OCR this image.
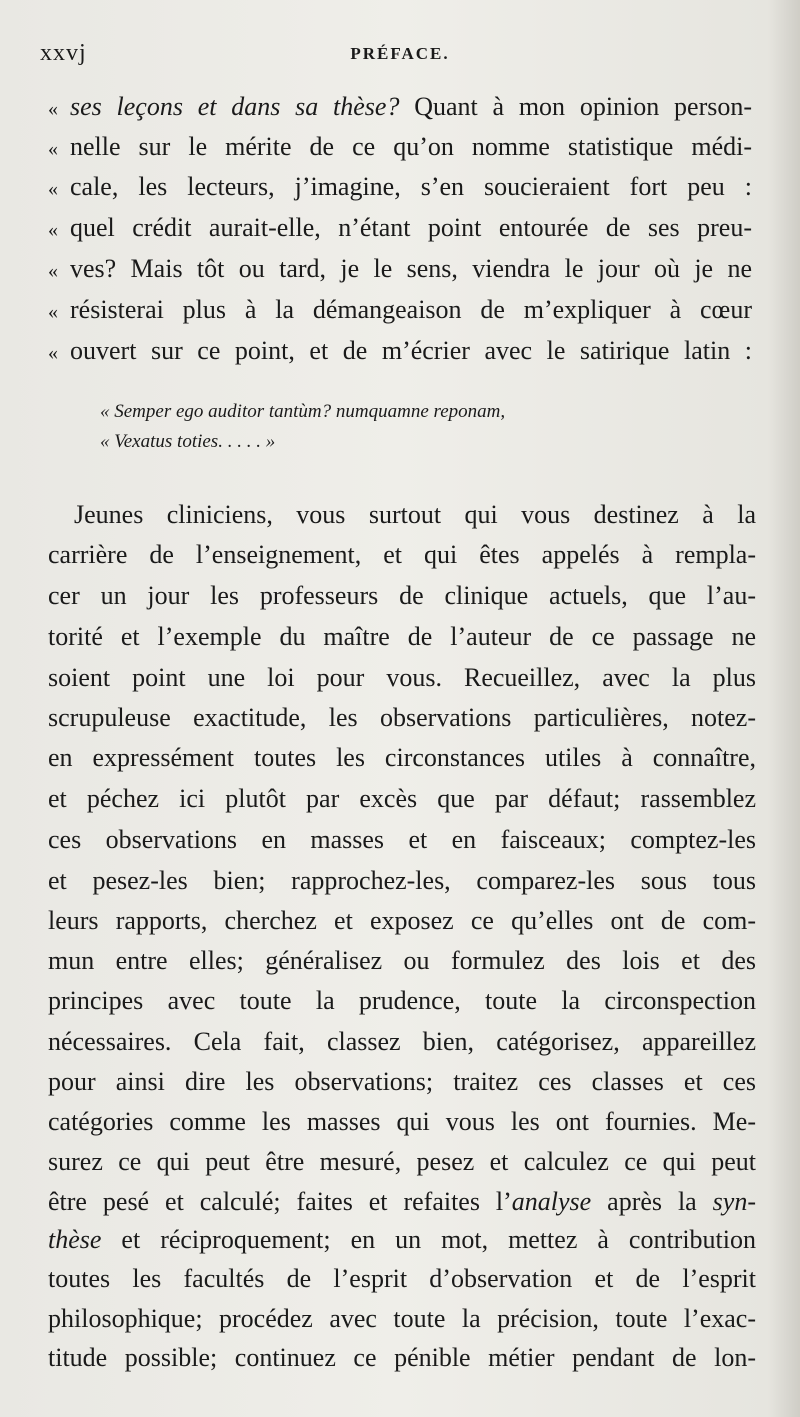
xxvj	PRÉFACE.
« ses leçons et dans sa thèse? Quant à mon opinion person-
« nelle sur le mérite de ce qu’on nomme statistique médi-
« cale, les lecteurs, j’imagine, s’en soucieraient fort peu :
« quel crédit aurait-elle, n’étant point entourée de ses preu-
« ves? Mais tôt ou tard, je le sens, viendra le jour où je ne
« résisterai plus à la démangeaison de m’expliquer à cœur
« ouvert sur ce point, et de m’écrier avec le satirique latin :
« Semper ego auditor tantùm? numquamne reponam,
« Vexatus toties. . . . . »
Jeunes cliniciens, vous surtout qui vous destinez à la
carrière de l’enseignement, et qui êtes appelés à rempla-
cer un jour les professeurs de clinique actuels, que l’au-
torité et l’exemple du maître de l’auteur de ce passage ne
soient point une loi pour vous. Recueillez, avec la plus
scrupuleuse exactitude, les observations particulières, notez-
en expressément toutes les circonstances utiles à connaître,
et péchez ici plutôt par excès que par défaut; rassemblez
ces observations en masses et en faisceaux; comptez-les
et pesez-les bien; rapprochez-les, comparez-les sous tous
leurs rapports, cherchez et exposez ce qu’elles ont de com-
mun entre elles; généralisez ou formulez des lois et des
principes avec toute la prudence, toute la circonspection
nécessaires. Cela fait, classez bien, catégorisez, appareillez
pour ainsi dire les observations; traitez ces classes et ces
catégories comme les masses qui vous les ont fournies. Me-
surez ce qui peut être mesuré, pesez et calculez ce qui peut
être pesé et calculé; faites et refaites l’analyse après la syn-
thèse et réciproquement; en un mot, mettez à contribution
toutes les facultés de l’esprit d’observation et de l’esprit
philosophique; procédez avec toute la précision, toute l’exac-
titude possible; continuez ce pénible métier pendant de lon-
